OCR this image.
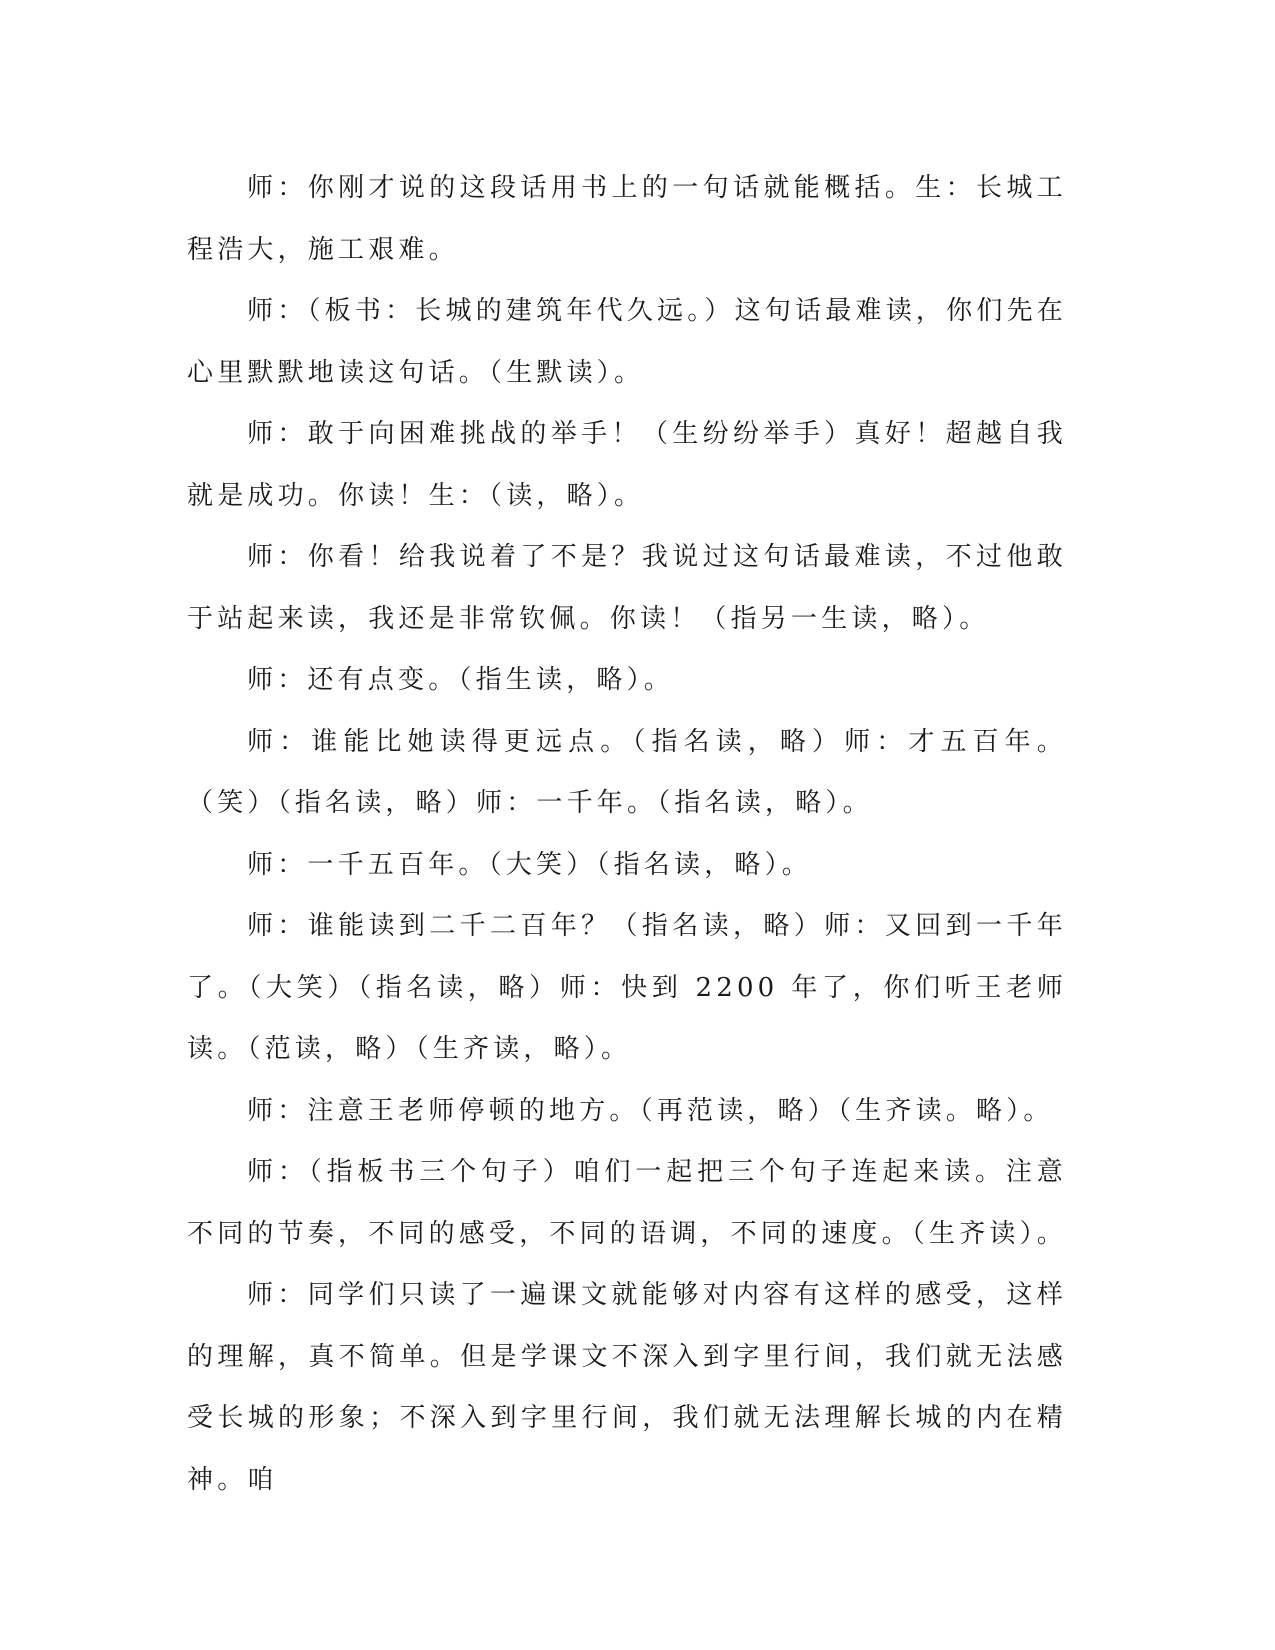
师：你刚才说的这段话用书上的一句话就能概括。生：长城工程浩大，施工艰难。

师：（板书：长城的建筑年代久远。）这句话最难读，你们先在心里默默地读这句话。（生默读）。

师：敢于向困难挑战的举手！（生纷纷举手）真好！超越自我就是成功。你读！生：（读，略）。

师：你看！给我说着了不是？我说过这句话最难读，不过他敢于站起来读，我还是非常钦佩。你读！（指另一生读，略）。

师：还有点变。（指生读，略）。

师：谁能比她读得更远点。（指名读，略）师：才五百年。（笑）（指名读，略）师：一千年。（指名读，略）。

师：一千五百年。（大笑）（指名读，略）。

师：谁能读到二千二百年？（指名读，略）师：又回到一千年了。（大笑）（指名读，略）师：快到 2200 年了，你们听王老师读。（范读，略）（生齐读，略）。

师：注意王老师停顿的地方。（再范读，略）（生齐读。略）。

师：（指板书三个句子）咱们一起把三个句子连起来读。注意不同的节奏，不同的感受，不同的语调，不同的速度。（生齐读）。

师：同学们只读了一遍课文就能够对内容有这样的感受，这样的理解，真不简单。但是学课文不深入到字里行间，我们就无法感受长城的形象；不深入到字里行间，我们就无法理解长城的内在精神。咱
